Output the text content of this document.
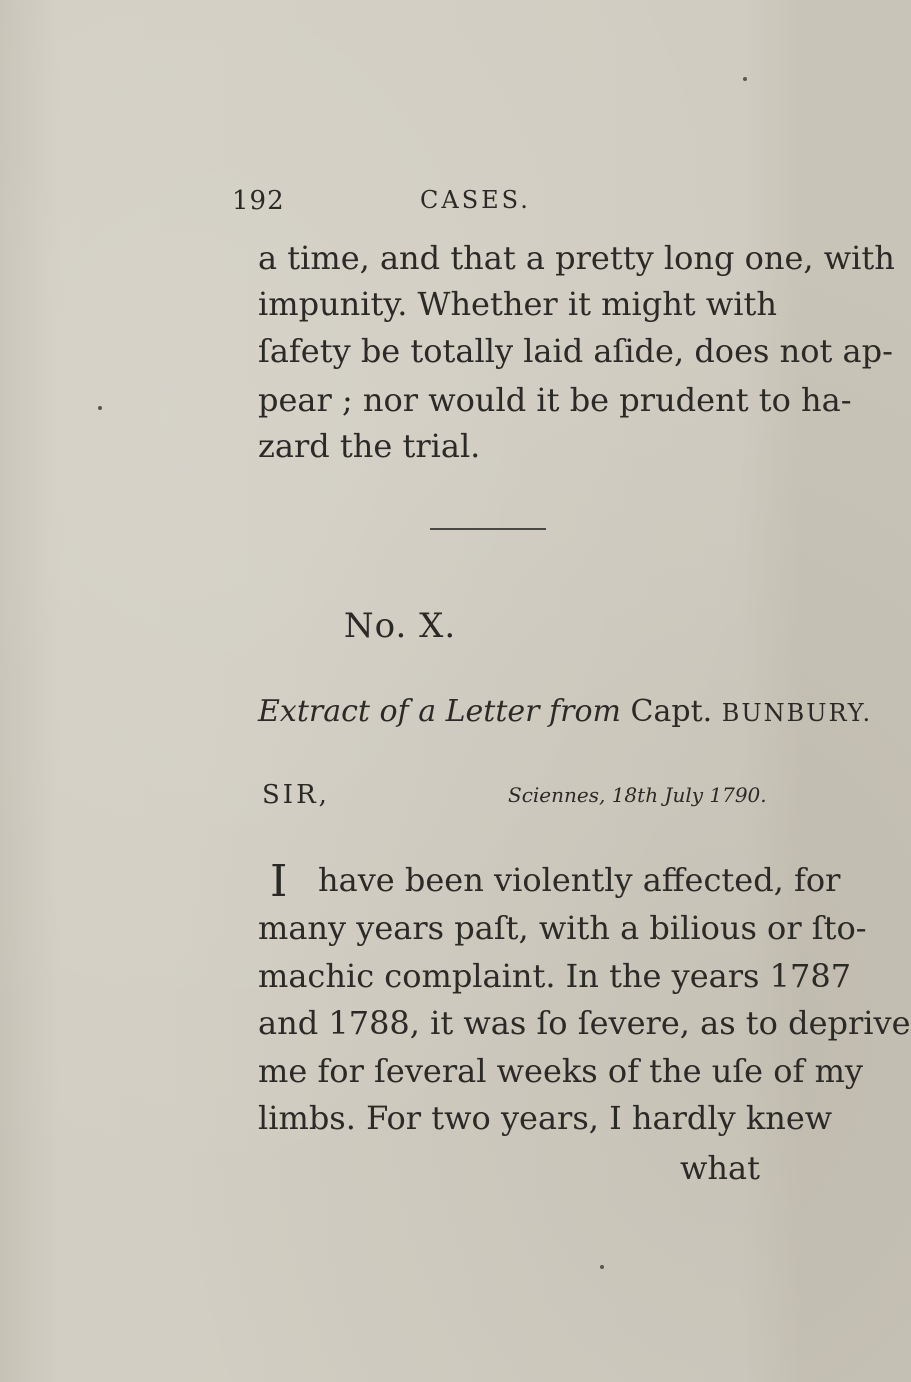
192	CASES.
a time, and that a pretty long one, with
impunity. Whether it might with
ſafety be totally laid aſide, does not ap-
pear ; nor would it be prudent to ha-
zard the trial.
No. X.
Extract of a Letter from Capt. BUNBURY.
SIR,	Sciennes, 18th July 1790.
I have been violently affected, for
many years paſt, with a bilious or ſto-
machic complaint. In the years 1787
and 1788, it was ſo ſevere, as to deprive
me for ſeveral weeks of the uſe of my
limbs. For two years, I hardly knew
what
